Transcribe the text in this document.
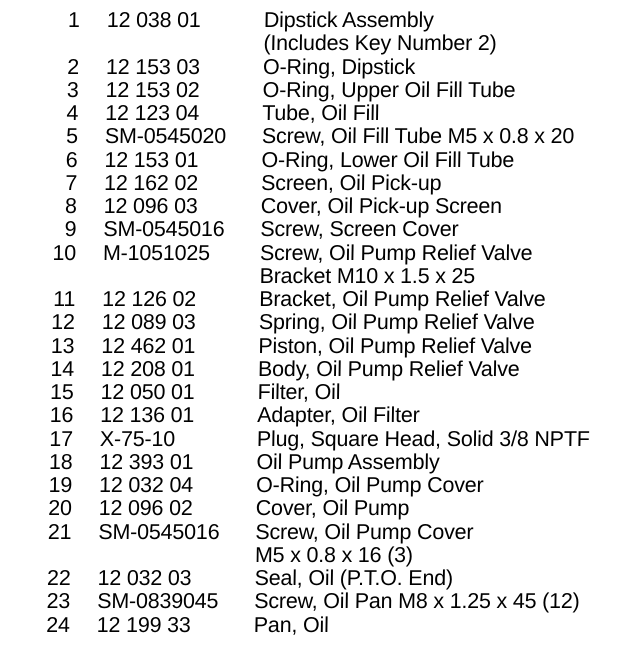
1 12 038 01	Dipstick Assembly
(Includes Key Number 2)
2 12 153 03	O-Ring, Dipstick
3 12 153 02	O-Ring, Upper Oil Fill Tube
4 12 123 04	Tube, Oil Fill
5 SM-0545020 Screw, Oil Fill Tube M5 x 0.8 x 20
6 12 153 01	O-Ring, Lower Oil Fill Tube
7 12 162 02	Screen, Oil Pick-up
8 12 096 03	Cover, Oil Pick-up Screen
9 SM-0545016 Screw, Screen Cover
10 M-1051025 Screw, Oil Pump Relief Valve
Bracket M10 x 1.5 x 25
11 12 126 02	Bracket, Oil Pump Relief Valve
12 12 089 03	Spring, Oil Pump Relief Valve
13 12 462 01	Piston, Oil Pump Relief Valve
14 12 208 01	Body, Oil Pump Relief Valve
15 12 050 01	Filter, Oil
16 12 136 01	Adapter, Oil Filter
17 X-75-10	Plug, Square Head, Solid 3/8 NPTF
18 12 393 01	Oil Pump Assembly
19 12 032 04	O-Ring, Oil Pump Cover
20 12 096 02	Cover, Oil Pump
21 SM-0545016 Screw, Oil Pump Cover
M5 x 0.8 x 16 (3)
22 12 032 03	Seal, Oil (P.T.O. End)
23 SM-0839045 Screw, Oil Pan M8 x 1.25 x 45 (12)
24 12 199 33	Pan, Oil
